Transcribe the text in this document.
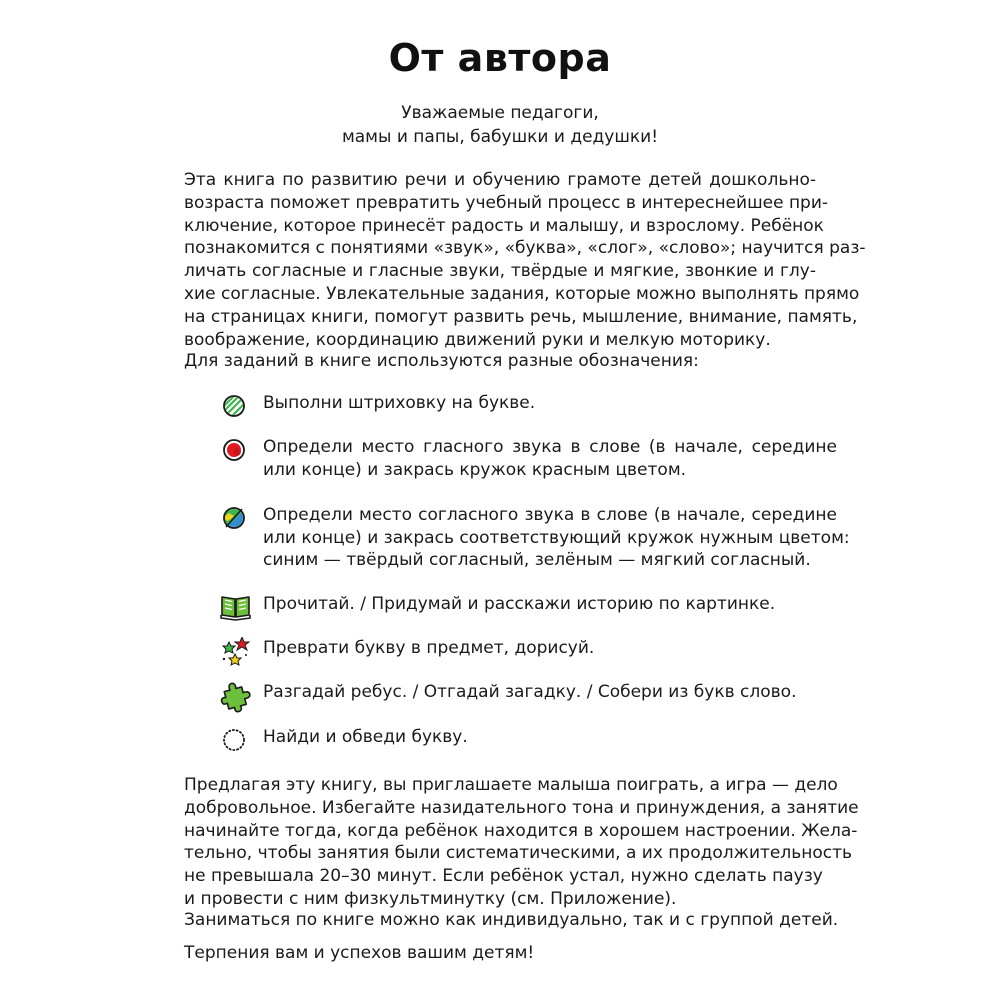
От автора
Уважаемые педагоги,
мамы и папы, бабушки и дедушки!
Эта книга по развитию речи и обучению грамоте детей дошкольно-
возраста поможет превратить учебный процесс в интереснейшее при-
ключение, которое принесёт радость и малышу, и взрослому. Ребёнок
познакомится с понятиями «звук», «буква», «слог», «слово»; научится раз-
личать согласные и гласные звуки, твёрдые и мягкие, звонкие и глу-
хие согласные. Увлекательные задания, которые можно выполнять прямо
на страницах книги, помогут развить речь, мышление, внимание, память,
воображение, координацию движений руки и мелкую моторику.
Для заданий в книге используются разные обозначения:
Выполни штриховку на букве.
Определи место гласного звука в слове (в начале, середине
или конце) и закрась кружок красным цветом.
Определи место согласного звука в слове (в начале, середине
или конце) и закрась соответствующий кружок нужным цветом:
синим — твёрдый согласный, зелёным — мягкий согласный.
Прочитай. / Придумай и расскажи историю по картинке.
Преврати букву в предмет, дорисуй.
Разгадай ребус. / Отгадай загадку. / Собери из букв слово.
Найди и обведи букву.
Предлагая эту книгу, вы приглашаете малыша поиграть, а игра — дело
добровольное. Избегайте назидательного тона и принуждения, а занятие
начинайте тогда, когда ребёнок находится в хорошем настроении. Жела-
тельно, чтобы занятия были систематическими, а их продолжительность
не превышала 20–30 минут. Если ребёнок устал, нужно сделать паузу
и провести с ним физкультминутку (см. Приложение).
Заниматься по книге можно как индивидуально, так и с группой детей.
Терпения вам и успехов вашим детям!
